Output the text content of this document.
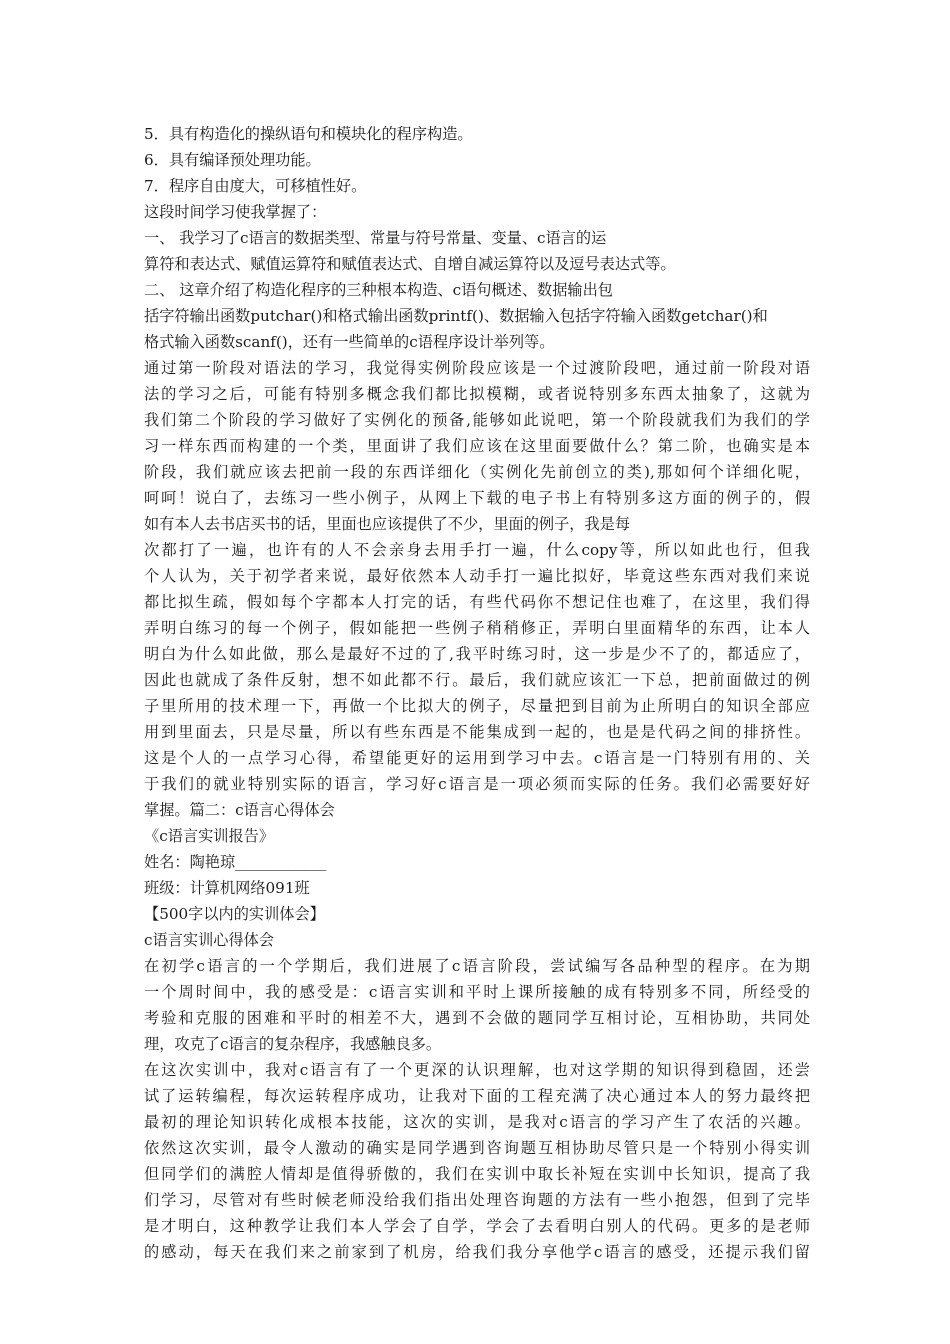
5．具有构造化的操纵语句和模块化的程序构造。
6．具有编译预处理功能。
7．程序自由度大，可移植性好。
这段时间学习使我掌握了：
一、 我学习了c语言的数据类型、常量与符号常量、变量、c语言的运
算符和表达式、赋值运算符和赋值表达式、自增自减运算符以及逗号表达式等。
二、 这章介绍了构造化程序的三种根本构造、c语句概述、数据输出包
括字符输出函数putchar()和格式输出函数printf()、数据输入包括字符输入函数getchar()和
格式输入函数scanf()，还有一些简单的c语程序设计举列等。
通过第一阶段对语法的学习，我觉得实例阶段应该是一个过渡阶段吧，通过前一阶段对语
法的学习之后，可能有特别多概念我们都比拟模糊，或者说特别多东西太抽象了，这就为
我们第二个阶段的学习做好了实例化的预备,能够如此说吧，第一个阶段就我们为我们的学
习一样东西而构建的一个类，里面讲了我们应该在这里面要做什么？第二阶，也确实是本
阶段，我们就应该去把前一段的东西详细化（实例化先前创立的类),那如何个详细化呢，
呵呵！说白了，去练习一些小例子，从网上下载的电子书上有特别多这方面的例子的，假
如有本人去书店买书的话，里面也应该提供了不少，里面的例子，我是每
次都打了一遍，也许有的人不会亲身去用手打一遍，什么copy等，所以如此也行，但我
个人认为，关于初学者来说，最好依然本人动手打一遍比拟好，毕竟这些东西对我们来说
都比拟生疏，假如每个字都本人打完的话，有些代码你不想记住也难了，在这里，我们得
弄明白练习的每一个例子，假如能把一些例子稍稍修正，弄明白里面精华的东西，让本人
明白为什么如此做，那么是最好不过的了,我平时练习时，这一步是少不了的，都适应了，
因此也就成了条件反射，想不如此都不行。最后，我们就应该汇一下总，把前面做过的例
子里所用的技术理一下，再做一个比拟大的例子，尽量把到目前为止所明白的知识全部应
用到里面去，只是尽量，所以有些东西是不能集成到一起的，也是是代码之间的排挤性。
这是个人的一点学习心得，希望能更好的运用到学习中去。c语言是一门特别有用的、关
于我们的就业特别实际的语言，学习好c语言是一项必须而实际的任务。我们必需要好好
掌握。篇二：c语言心得体会
《c语言实训报告》
姓名：陶艳琼____________
班级：计算机网络091班
【500字以内的实训体会】
c语言实训心得体会
在初学c语言的一个学期后，我们进展了c语言阶段，尝试编写各品种型的程序。在为期
一个周时间中，我的感受是：c语言实训和平时上课所接触的成有特别多不同，所经受的
考验和克服的困难和平时的相差不大，遇到不会做的题同学互相讨论，互相协助，共同处
理，攻克了c语言的复杂程序，我感触良多。
在这次实训中，我对c语言有了一个更深的认识理解，也对这学期的知识得到稳固，还尝
试了运转编程，每次运转程序成功，让我对下面的工程充满了决心通过本人的努力最终把
最初的理论知识转化成根本技能，这次的实训，是我对c语言的学习产生了农活的兴趣。
依然这次实训，最令人激动的确实是同学遇到咨询题互相协助尽管只是一个特别小得实训
但同学们的满腔人情却是值得骄傲的，我们在实训中取长补短在实训中长知识，提高了我
们学习，尽管对有些时候老师没给我们指出处理咨询题的方法有一些小抱怨，但到了完毕
是才明白，这种教学让我们本人学会了自学，学会了去看明白别人的代码。更多的是老师
的感动，每天在我们来之前家到了机房，给我们我分享他学c语言的感受，还提示我们留
